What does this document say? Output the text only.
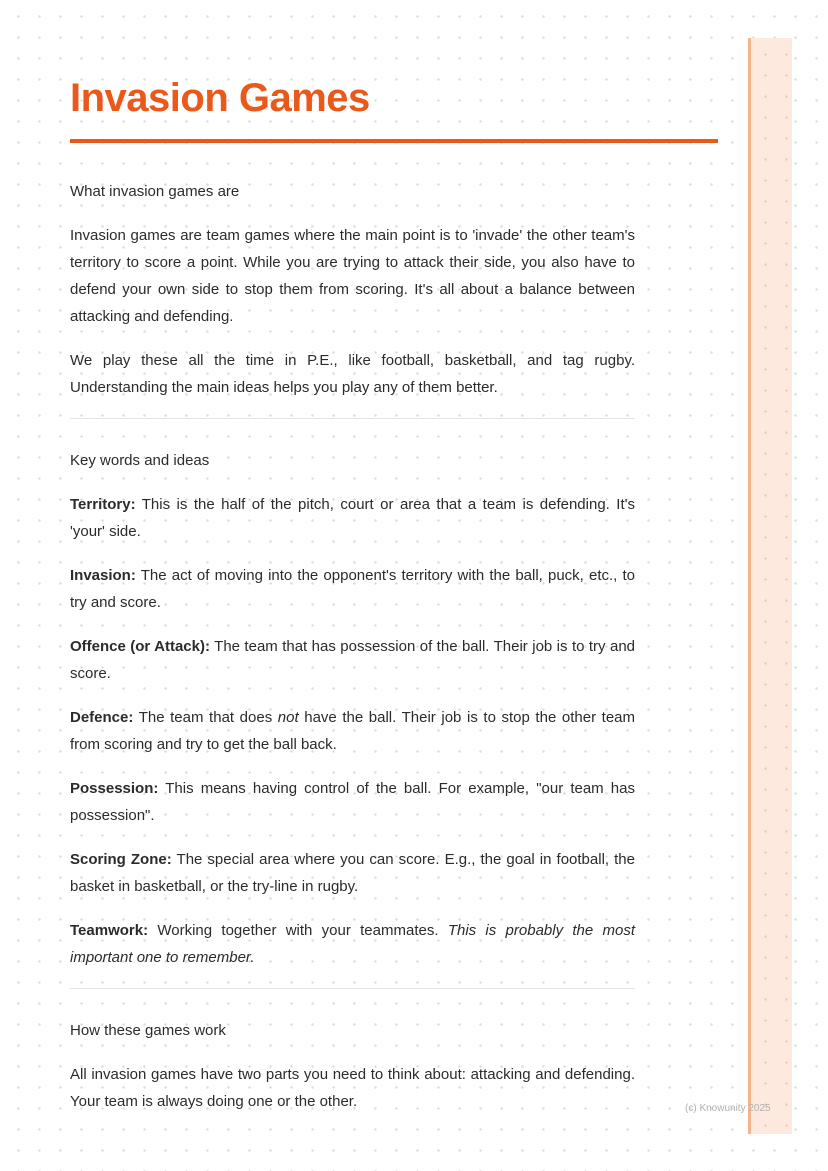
Invasion Games

What invasion games are

Invasion games are team games where the main point is to 'invade' the other team's territory to score a point. While you are trying to attack their side, you also have to defend your own side to stop them from scoring. It's all about a balance between attacking and defending.

We play these all the time in P.E., like football, basketball, and tag rugby. Understanding the main ideas helps you play any of them better.

Key words and ideas

Territory: This is the half of the pitch, court or area that a team is defending. It's 'your' side.

Invasion: The act of moving into the opponent's territory with the ball, puck, etc., to try and score.

Offence (or Attack): The team that has possession of the ball. Their job is to try and score.

Defence: The team that does not have the ball. Their job is to stop the other team from scoring and try to get the ball back.

Possession: This means having control of the ball. For example, "our team has possession".

Scoring Zone: The special area where you can score. E.g., the goal in football, the basket in basketball, or the try-line in rugby.

Teamwork: Working together with your teammates. This is probably the most important one to remember.

How these games work

All invasion games have two parts you need to think about: attacking and defending. Your team is always doing one or the other.	(c) Knowunity 2025
